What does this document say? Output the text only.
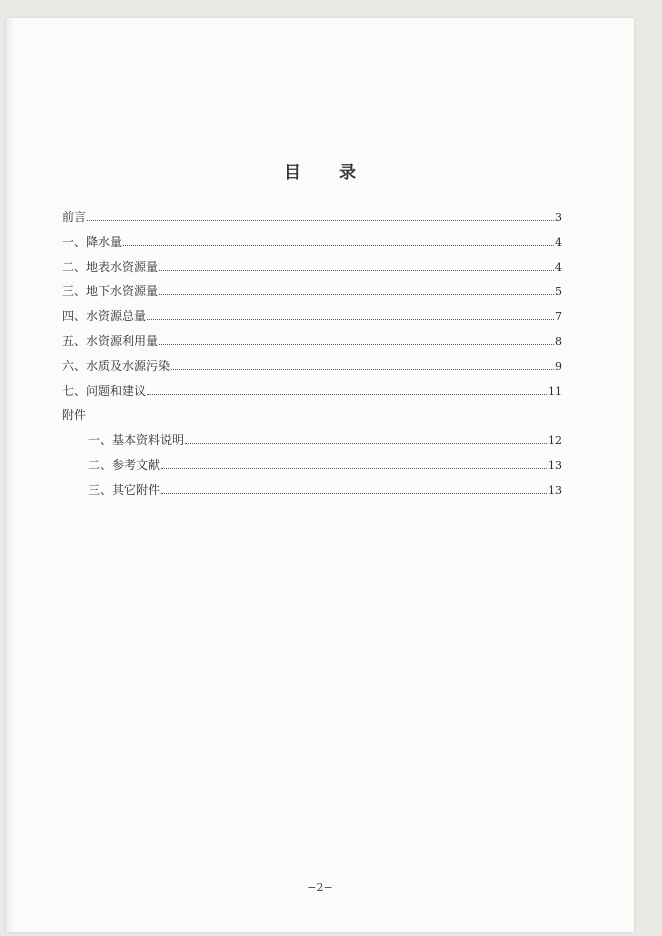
目 录
前言	3
一、降水量	4
二、地表水资源量	4
三、地下水资源量	5
四、水资源总量	7
五、水资源利用量	8
六、水质及水源污染	9
七、问题和建议	11
附件
一、基本资料说明	12
二、参考文献	13
三、其它附件	13
−2−
